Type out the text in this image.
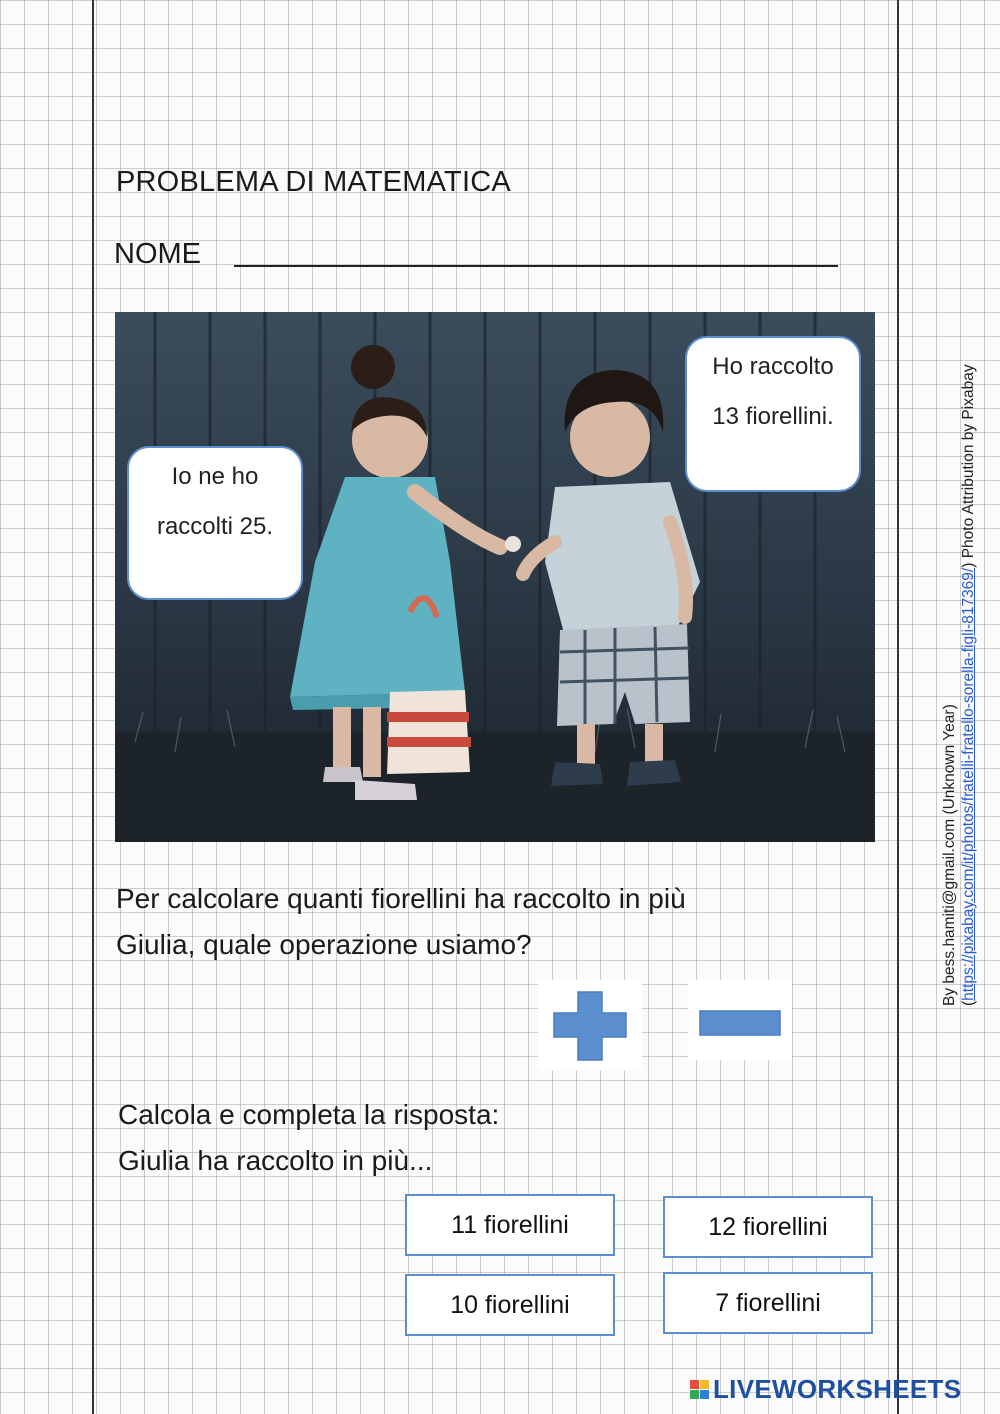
PROBLEMA DI MATEMATICA
NOME
Io ne ho
raccolti 25.
Ho raccolto
13 fiorellini.
Per calcolare quanti fiorellini ha raccolto in più
Giulia, quale operazione usiamo?
Calcola e completa la risposta:
Giulia ha raccolto in più...
11 fiorellini	12 fiorellini
10 fiorellini	7 fiorellini
By bess.hamiti@gmail.com (Unknown Year) (https://pixabay.com/it/photos/fratelli-fratello-sorella-figli-817369/) Photo Attribution by Pixabay
LIVEWORKSHEETS
